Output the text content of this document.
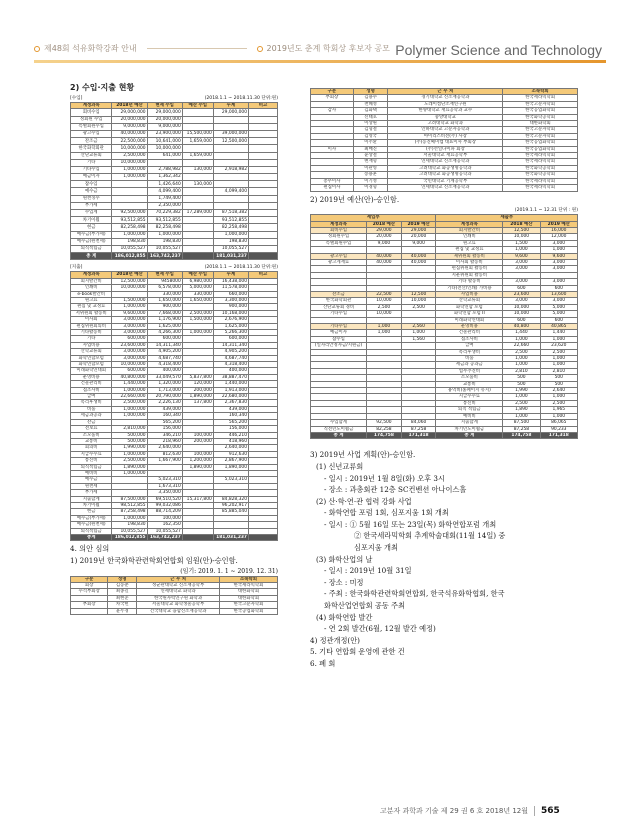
제48회 석유화학강좌 안내	2019년도 춘계 학회상 후보자 공모 Polymer Science and Technology
2) 수입·지출 현황
[수입]	(2018.1.1 ~ 2018.11.30 단위:원)
계정과목	2018년 예산	현재 수입	예산 수입	누계	비고
회비수입	29,000,000	29,000,000		29,000,000	
정회원 수입	20,000,000	20,000,000			
특별회원수입	9,000,000	9,000,000			
광고수입	40,000,000	23,900,000	15,500,000	39,000,000	
잔조금	22,500,000	10,641,000	1,659,000	12,500,000	
한국화학회관	10,000,000	10,000,000			
산단교류회	2,500,000	641,000	1,659,000		
기타	10,000,000				
기타수입	1,000,000	2,788,982	130,000	2,918,982	
예금이자	1,000,000	1,362,342			
잡수입		1,426,640	130,000		
예수금		4,099,400		4,099,400	
원천징수		1,749,400			
부가세		2,350,000			
수입계	92,500,000	70,229,382	17,289,000	87,518,382	
차기이월	93,512,855	93,512,855		93,512,855	
현금	82,258,498	82,258,498		82,258,498	
예수금(부가세)	1,000,000	1,000,000		1,000,000	
예수금(원천세)	198,830	198,830		198,830	
퇴직적립금	10,055,527	10,055,527		10,055,527	
총 계	186,012,855	163,742,237		181,031,237	
[지출]	(2018.1.1 ~ 2018.11.30 단위:원)
계정과목	2018년 예산	현재 수입	예산 수입	누계	비고
회지발간비	12,500,000	9458000	6,980,000	16,438,000	
인쇄비	10,000,000	6,578,000	5,000,000	11,578,000	
e-book발간비		330,000	330,000	660,000	
원고료	1,500,000	1,650,000	1,650,000	3,300,000	
편집 및 교정료	1,000,000	900,000		900,000	
저위원회 활동비	9,600,000	7,668,000	2,500,000	10,168,000	
이사회	3,000,000	1,176,900	1,500,000	2,676,900	
편집위원회의비	3,000,000	1,625,000		1,625,000	
기타활동비	3,000,000	4,266,300	1,000,000	5,266,300	
기타	600,000	600,000		600,000	
사업비용	23,600,000	14,311,340		14,311,340	
산학교류회	3,000,000	4,905,200		4,905,200	
화학연합포럼	3,000,000	4,687,740		4,687,740	
화학연합포럼	10,000,000	4,318,400		4,318,400	
미래화학연대회	600,000	400,000		400,000	
운영비용	40,800,000	33,049,570	5,837,800	38,887,470	
건물관리비	1,440,000	1,320,000	120,000	1,440,000	
접조사비	1,000,000	1,713,000	200,000	1,913,000	
급여	22,660,000	20,790,000	1,890,000	22,680,000	
복리후생비	2,500,000	2,226,130	137,800	2,367,830	
비품	1,000,000	439,000		439,000	
세금과공과	1,000,000	160,340		160,340	
잔금		565,200		565,200	
전보료	2,810,000	156,000		156,000	
소모품비	500,000	346,210	100,000	446,210	
교통비	500,000	218,960	200,000	418,960	
회의비	1,990,000	2,640,000		2,640,000	
지급수수료	1,000,000	812,630	100,000	912,630	
통신비	2,500,000	1,667,900	1,200,000	2,867,900	
퇴직적립금	1,890,000		1,890,000	1,890,000	
예비비	1,000,000				
예수금		5,023,310		5,023,310	
원천세		1,673,310			
부가세		3,350,000			
지출합계	87,500,000	69,510,520	15,317,800	84,828,320	
차기이월	98,512,855	99,032,086		96,202,917	
현금	87,258,498	88,714,209		85,885,040	
예수금(부가세)	1,000,000	100,000			
예수금(원천세)	198,830	162,350			
퇴직적립금	10,055,527	10,055,527			
총계	186,012,855	163,742,237		181,031,237	
4. 의안 심의
1) 2019년 한국화학관련학회연합회 임원(안)-승인함.
(임기: 2019. 1. 1 ~ 2019. 12. 31)
구분	성명	근 무 처	소속학회
회장	김동춘	성균관대학교 신소재공학부	한국세라믹학회
수석부회장	최종길	연세대학교 화학과	대한화학회
	최현준	한국원자력연구원 화학과	대한화학회
부회장	차국헌	서울대학교 화학생물공학부	한국고분자학회
	윤두경	건국대학교 융합신소재공학과	한국공업화학회
구분	성명	근 무 처	소속학회
부회장	김용수	경기대학교 신소재공학과	한국세라믹학회
	천혜성	도레이첨단소재연구원	한국고분자학회
감사	김화택	한양대학교 재료공학과 교수	한국공업화학회
	신태호	중앙대학교	한국화학공학회
	이상원	고려대학교 화학과	대한화학회
	김형철	인하대학교 고분자공학과	한국고분자학회
	김영국	아이리스비전(주) 사장	한국고분자학회
	이주환	(주)동진쎄미켐 대표이사 부회장	한국공업화학회
이사	최배진	(주)선일다이파 회장	한국공업화학회
	윤상철	서울대학교 재료공학부	한국세라믹학회
	변재형	연세대학교 신소재공학과	한국세라믹학회
	이관영	고려대학교 화공생명공학과	한국화학공학회
	송용훈	고려대학교 화공생명공학과	한국화학공학회
총무이사	이기성	국민대학교 기계공학부	한국세라믹학회
편집이사	이경형	연세대학교 신소재공학과	한국세라믹학회
2) 2019년 예산(안)-승인함.
(2019.1.1 ~ 12.31 단위 : 원)
세입부			세출부		
계정과목	2018 예산	2019 예산	계정과목	2018 예산	2019 예산
회비수입	29,000	29,000	회지발간비	12,500	16,000
정회원수입	20,000	20,000	인쇄비	10,000	12,000
특별회원수입	9,000	9,000	원고료	1,500	3,000
			편집 및 교정료	1,000	1,000
광고수입	40,000	40,000	제위원회 활동비	9,600	9,600
광고게재료	40,000	40,000	이사회 활동비	3,000	3,000
			편집위원회 활동비	3,000	3,000
			지운위원회 활동비		
			기타 활동비	3,000	3,000
			기타(전산/인쇄) 가비용	600	600
잔조금	22,500	12,500	사업비용	23,600	13,600
한국화학회관	10,000	10,000	산학교류회	3,000	3,000
산단교류회 경비	2,500	2,500	화학연합 포럼	10,000	5,000
기타수입	10,000		화학연합 포럼 II	10,000	5,000
			미래화학연대회	600	600
기타수입	1,000	2,560	운영비용	40,800	40,865
예금이자	1,000	1,000	건물관리비	1,440	1,440
잡수입		1,560	접조사비	1,000	1,000
(일자리안정자금/지원금)			급여	22,660	23,620
			복리후생비	2,500	2,500
			비품	1,000	1,000
			세금과 공과금	1,000	1,000
			업무추진비	2,810	2,810
			소모품비	500	500
			교통비	500	500
			용역비(홈페이지 유지)	1,990	2,640
			지급수수료	1,000	1,000
			통신비	2,500	2,500
			퇴직 적립금	1,890	1,965
			예비비	1,000	1,000
수입합계	92,500	84,060	지출합계	87,500	86,065
직전년도이월금	82,258	87,258	차기년도이월금	87,258	90,233
총 계	174,758	171,318	총 계	174,758	171,318
3) 2019년 사업 계획(안)-승인함.
(1) 신년교류회
- 일시 : 2019년 1월 8일(화) 오후 3시
- 장소 : 과총회관 12층 SC컨벤션 아나이스홀
(2) 산·학·연·관 협력 강화 사업
- 화학연합 포럼 1회, 심포지움 1회 개최
- 일시 : ① 5월 16일 또는 23일(목) 화학연합포럼 개최
② 한국세라믹학회 추계학술대회(11월 14일) 중
심포지움 개최
(3) 화학산업의 날
- 일시 : 2019년 10월 31일
- 장소 : 미정
- 주최 : 한국화학관련학회연합회, 한국석유화학협회, 한국
화학산업연합회 공동 주최
(4) 화학연합 발간
- 연 2회 발간(6월, 12월 발간 예정)
4) 정관개정(안)
5. 기타 연합회 운영에 관한 건
6. 폐 회
고분자 과학과 기술 제 29 권 6 호 2018년 12월	565
